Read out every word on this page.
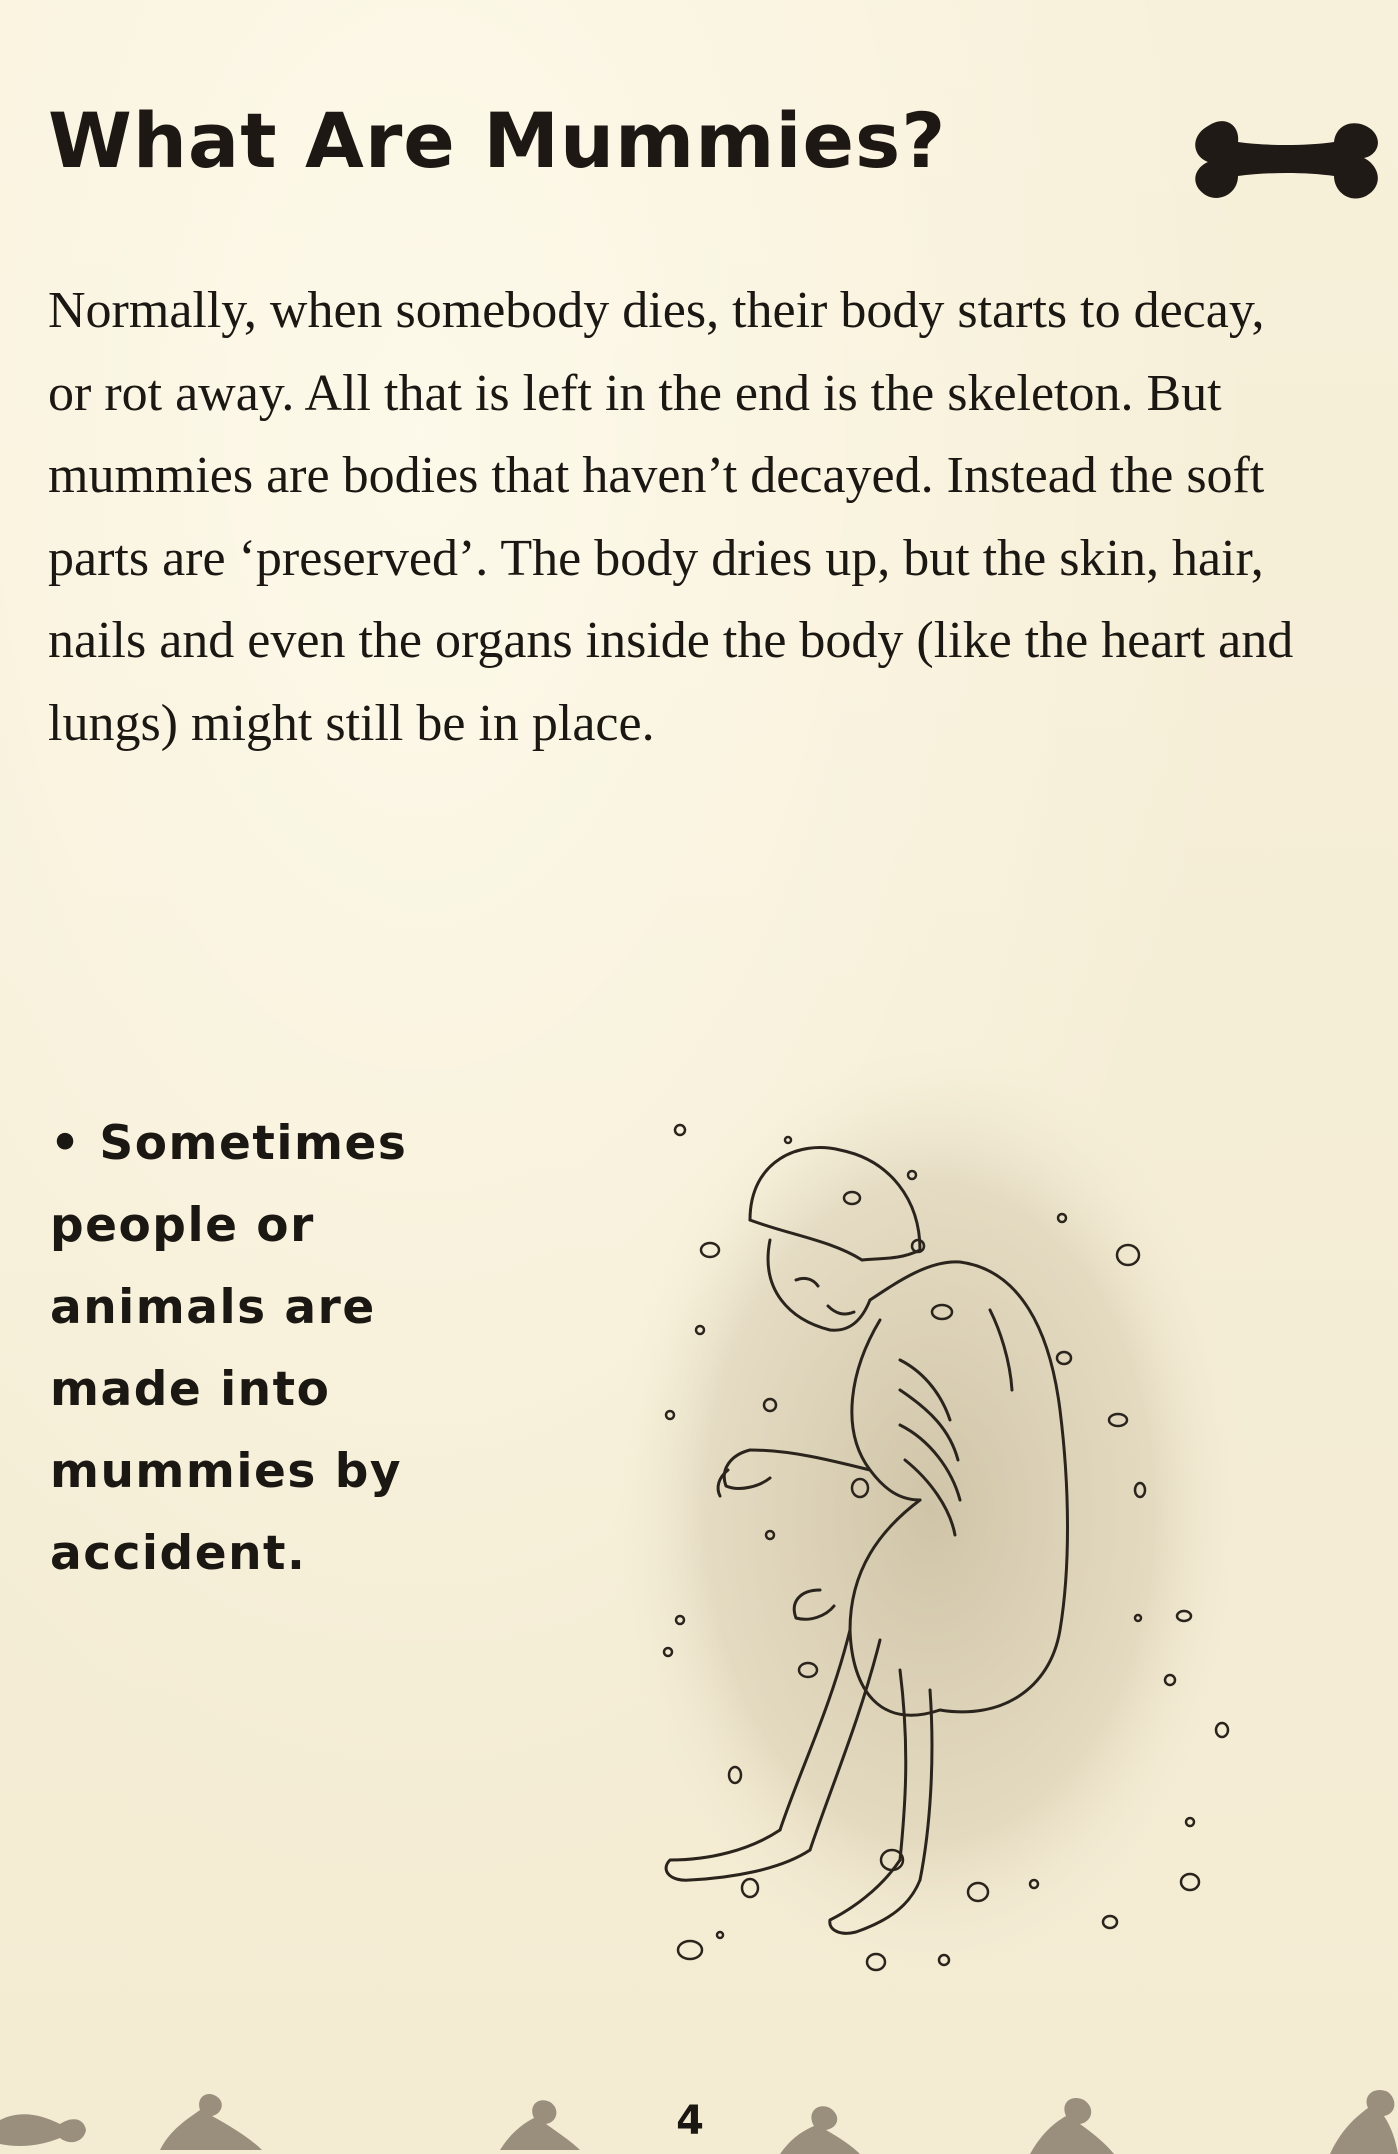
What Are Mummies?

Normally, when somebody dies, their body starts to decay, or rot away. All that is left in the end is the skeleton. But mummies are bodies that haven’t decayed. Instead the soft parts are ‘preserved’. The body dries up, but the skin, hair, nails and even the organs inside the body (like the heart and lungs) might still be in place.

• Sometimes people or animals are made into mummies by accident.

4
